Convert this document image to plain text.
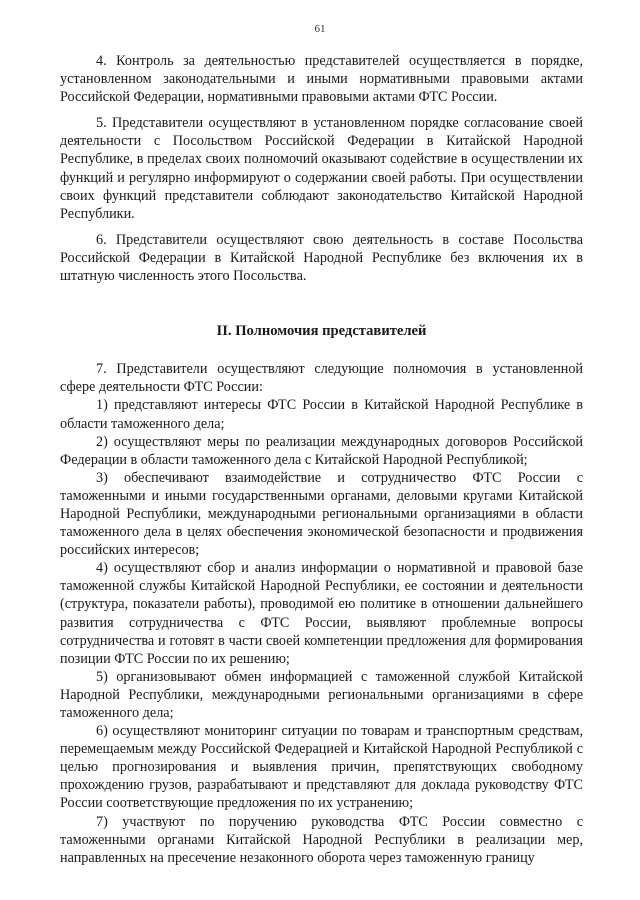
61

4. Контроль за деятельностью представителей осуществляется в порядке, установленном законодательными и иными нормативными правовыми актами Российской Федерации, нормативными правовыми актами ФТС России.

5. Представители осуществляют в установленном порядке согласование своей деятельности с Посольством Российской Федерации в Китайской Народной Республике, в пределах своих полномочий оказывают содействие в осуществлении их функций и регулярно информируют о содержании своей работы. При осуществлении своих функций представители соблюдают законодательство Китайской Народной Республики.

6. Представители осуществляют свою деятельность в составе Посольства Российской Федерации в Китайской Народной Республике без включения их в штатную численность этого Посольства.

II. Полномочия представителей

7. Представители осуществляют следующие полномочия в установленной сфере деятельности ФТС России:

1) представляют интересы ФТС России в Китайской Народной Республике в области таможенного дела;

2) осуществляют меры по реализации международных договоров Российской Федерации в области таможенного дела с Китайской Народной Республикой;

3) обеспечивают взаимодействие и сотрудничество ФТС России с таможенными и иными государственными органами, деловыми кругами Китайской Народной Республики, международными региональными организациями в области таможенного дела в целях обеспечения экономической безопасности и продвижения российских интересов;

4) осуществляют сбор и анализ информации о нормативной и правовой базе таможенной службы Китайской Народной Республики, ее состоянии и деятельности (структура, показатели работы), проводимой ею политике в отношении дальнейшего развития сотрудничества с ФТС России, выявляют проблемные вопросы сотрудничества и готовят в части своей компетенции предложения для формирования позиции ФТС России по их решению;

5) организовывают обмен информацией с таможенной службой Китайской Народной Республики, международными региональными организациями в сфере таможенного дела;

6) осуществляют мониторинг ситуации по товарам и транспортным средствам, перемещаемым между Российской Федерацией и Китайской Народной Республикой с целью прогнозирования и выявления причин, препятствующих свободному прохождению грузов, разрабатывают и представляют для доклада руководству ФТС России соответствующие предложения по их устранению;

7) участвуют по поручению руководства ФТС России совместно с таможенными органами Китайской Народной Республики в реализации мер, направленных на пресечение незаконного оборота через таможенную границу
